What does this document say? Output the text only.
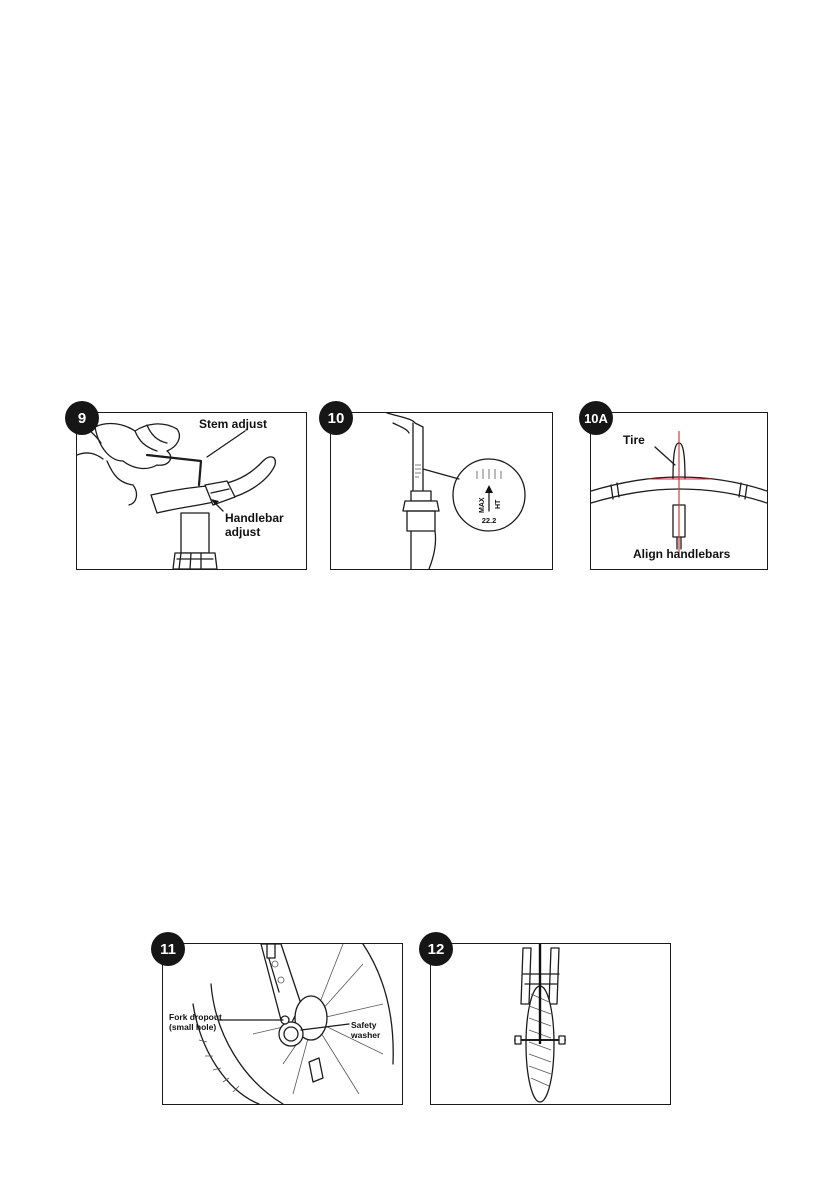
9	Stem adjust
Handlebar adjust
MAX HT
22.2
10	10A
Tire
Align handlebars
11
Fork dropout (small hole)	Safety washer
12
